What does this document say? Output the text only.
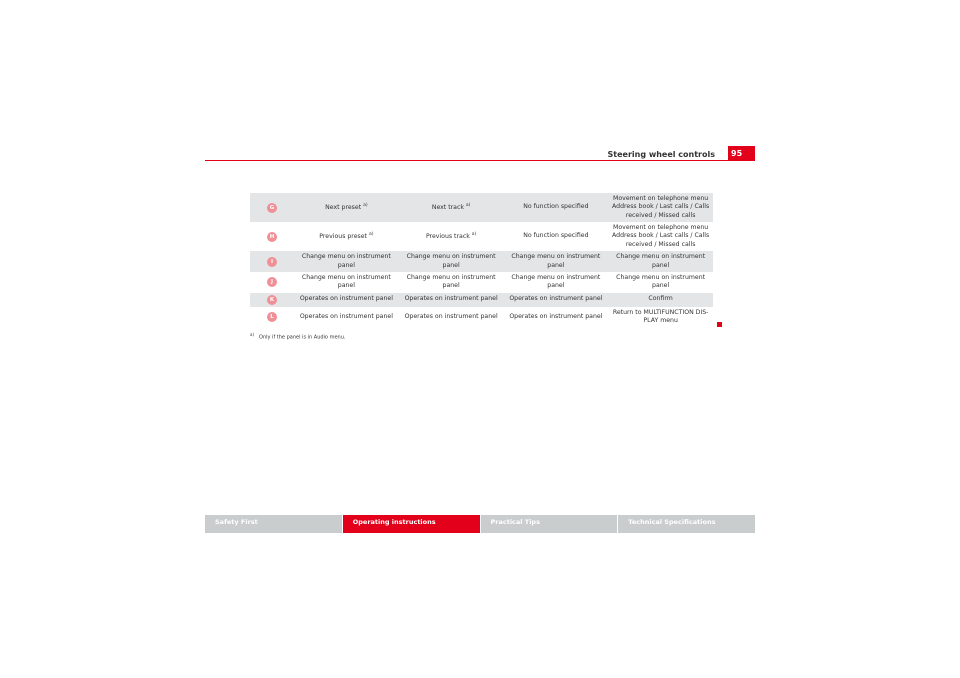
Steering wheel controls	95
G	Next preset $^{a)}$	Next track $^{a)}$	No function specified	Movement on telephone menu Address book / Last calls / Calls received / Missed calls
H	Previous preset $^{a)}$	Previous track $^{a)}$	No function specified	Movement on telephone menu Address book / Last calls / Calls received / Missed calls
I	Change menu on instrument panel	Change menu on instrument panel	Change menu on instrument panel	Change menu on instrument panel
J	Change menu on instrument panel	Change menu on instrument panel	Change menu on instrument panel	Change menu on instrument panel
K	Operates on instrument panel	Operates on instrument panel	Operates on instrument panel	Confirm
L	Operates on instrument panel	Operates on instrument panel	Operates on instrument panel	Return to MULTIFUNCTION DIS-PLAY menu
$^{a)}$Only if the panel is in Audio menu.
Safety First	Operating instructions	Practical Tips	Technical Specifications
